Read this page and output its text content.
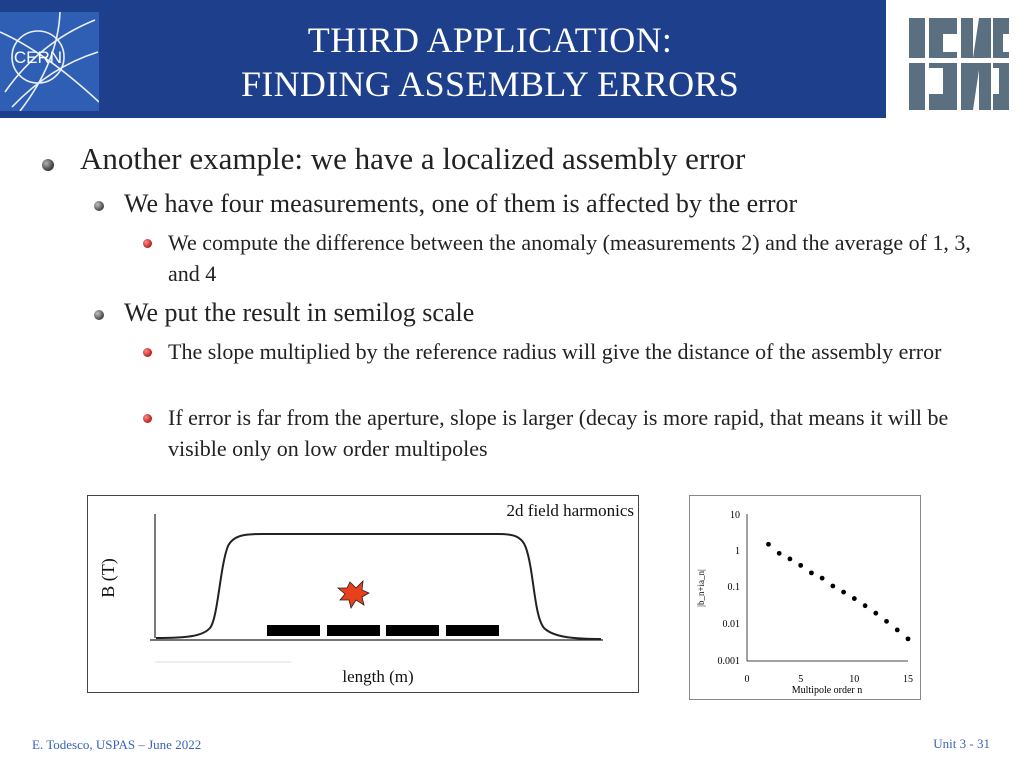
CERN	THIRD APPLICATION:
FINDING ASSEMBLY ERRORS
Another example: we have a localized assembly error
We have four measurements, one of them is affected by the error
We compute the difference between the anomaly (measurements 2) and the average of 1, 3, and 4
We put the result in semilog scale
The slope multiplied by the reference radius will give the distance of the assembly error
If error is far from the aperture, slope is larger (decay is more rapid, that means it will be visible only on low order multipoles
2d field harmonics
B (T)
length (m)
0.001
0.01
0.1
1
10
0	5	10	15
Multipole order n
|b_n+ia_n|
E. Todesco, USPAS – June 2022	Unit 3 - 31
